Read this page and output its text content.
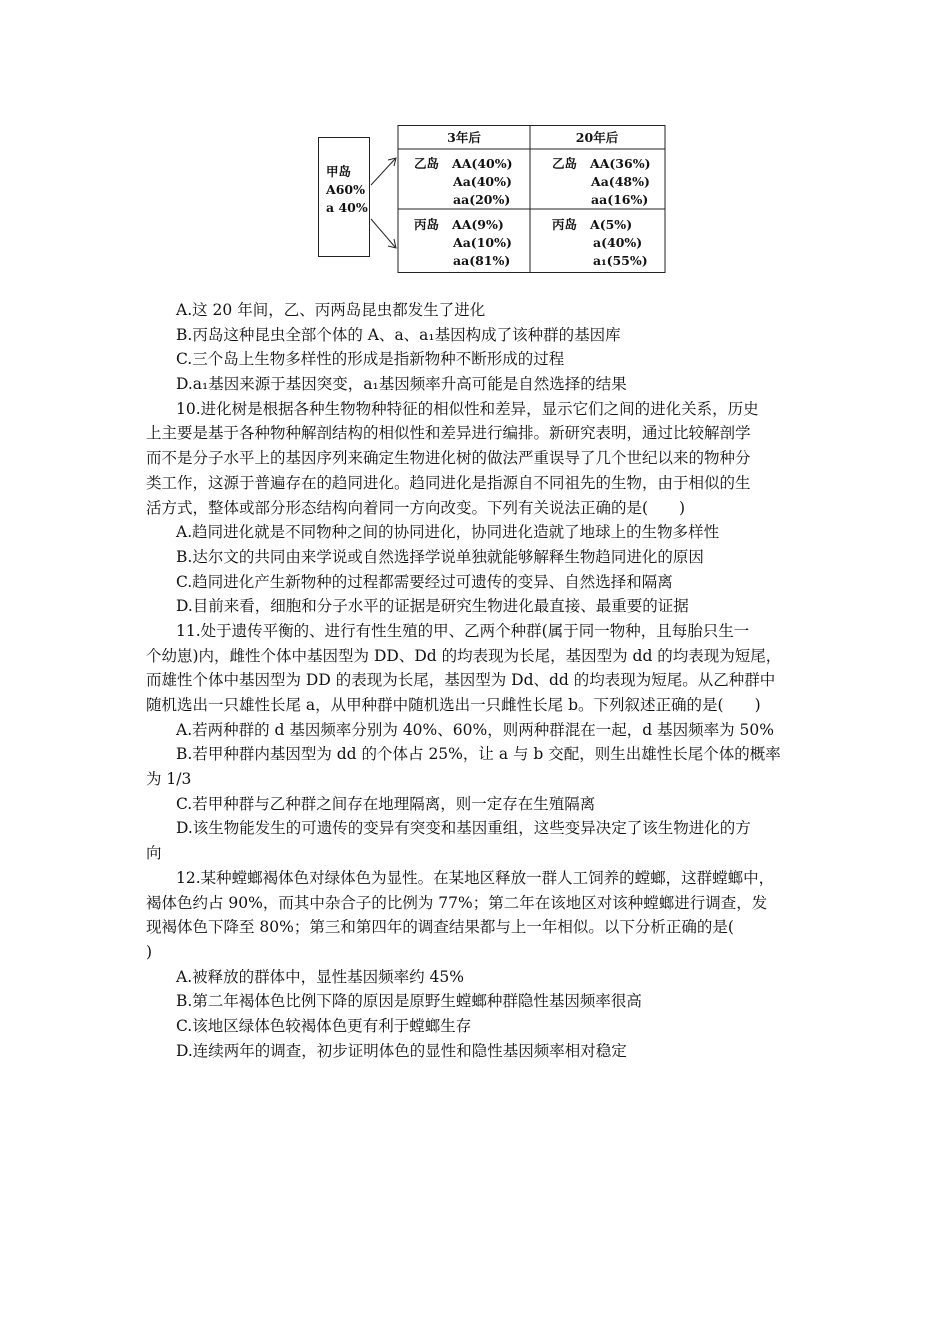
甲岛
A60%
a 40%
3年后	20年后
乙岛 AA(40%)
Aa(40%)
aa(20%)
乙岛 AA(36%)
Aa(48%)
aa(16%)
丙岛 AA(9%)
Aa(10%)
aa(81%)
丙岛 A(5%)
a(40%)
a₁(55%)
A.这 20 年间，乙、丙两岛昆虫都发生了进化
B.丙岛这种昆虫全部个体的 A、a、a₁基因构成了该种群的基因库
C.三个岛上生物多样性的形成是指新物种不断形成的过程
D.a₁基因来源于基因突变，a₁基因频率升高可能是自然选择的结果
10.进化树是根据各种生物物种特征的相似性和差异，显示它们之间的进化关系，历史
上主要是基于各种物种解剖结构的相似性和差异进行编排。新研究表明，通过比较解剖学
而不是分子水平上的基因序列来确定生物进化树的做法严重误导了几个世纪以来的物种分
类工作，这源于普遍存在的趋同进化。趋同进化是指源自不同祖先的生物，由于相似的生
活方式，整体或部分形态结构向着同一方向改变。下列有关说法正确的是(　　)
A.趋同进化就是不同物种之间的协同进化，协同进化造就了地球上的生物多样性
B.达尔文的共同由来学说或自然选择学说单独就能够解释生物趋同进化的原因
C.趋同进化产生新物种的过程都需要经过可遗传的变异、自然选择和隔离
D.目前来看，细胞和分子水平的证据是研究生物进化最直接、最重要的证据
11.处于遗传平衡的、进行有性生殖的甲、乙两个种群(属于同一物种，且每胎只生一
个幼崽)内，雌性个体中基因型为 DD、Dd 的均表现为长尾，基因型为 dd 的均表现为短尾，
而雄性个体中基因型为 DD 的表现为长尾，基因型为 Dd、dd 的均表现为短尾。从乙种群中
随机选出一只雄性长尾 a，从甲种群中随机选出一只雌性长尾 b。下列叙述正确的是(　　)
A.若两种群的 d 基因频率分别为 40%、60%，则两种群混在一起，d 基因频率为 50%
B.若甲种群内基因型为 dd 的个体占 25%，让 a 与 b 交配，则生出雄性长尾个体的概率
为 1/3
C.若甲种群与乙种群之间存在地理隔离，则一定存在生殖隔离
D.该生物能发生的可遗传的变异有突变和基因重组，这些变异决定了该生物进化的方
向
12.某种螳螂褐体色对绿体色为显性。在某地区释放一群人工饲养的螳螂，这群螳螂中，
褐体色约占 90%，而其中杂合子的比例为 77%；第二年在该地区对该种螳螂进行调查，发
现褐体色下降至 80%；第三和第四年的调查结果都与上一年相似。以下分析正确的是(
)
A.被释放的群体中，显性基因频率约 45%
B.第二年褐体色比例下降的原因是原野生螳螂种群隐性基因频率很高
C.该地区绿体色较褐体色更有利于螳螂生存
D.连续两年的调查，初步证明体色的显性和隐性基因频率相对稳定
